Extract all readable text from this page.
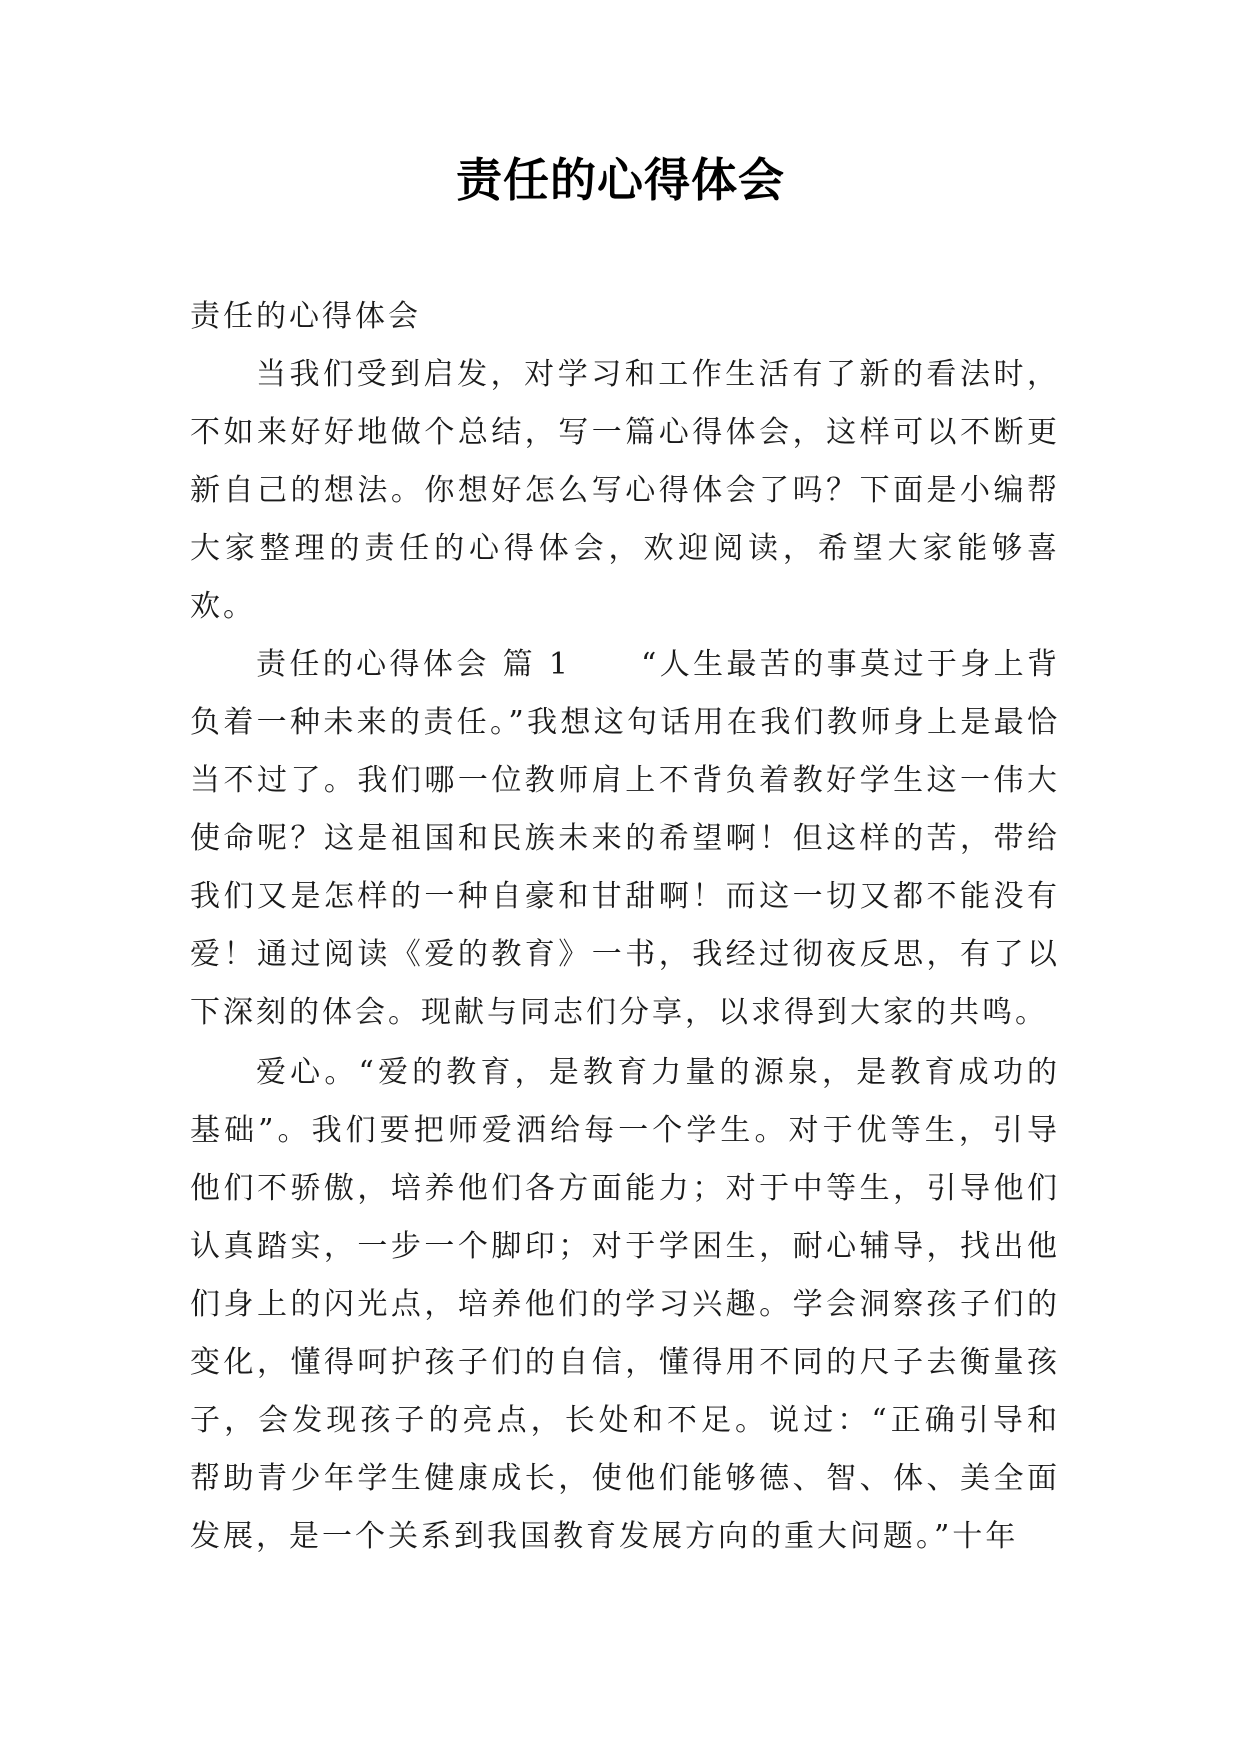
责任的心得体会

责任的心得体会

当我们受到启发，对学习和工作生活有了新的看法时，不如来好好地做个总结，写一篇心得体会，这样可以不断更新自己的想法。你想好怎么写心得体会了吗？下面是小编帮大家整理的责任的心得体会，欢迎阅读，希望大家能够喜欢。

责任的心得体会 篇 1 “人生最苦的事莫过于身上背负着一种未来的责任。”我想这句话用在我们教师身上是最恰当不过了。我们哪一位教师肩上不背负着教好学生这一伟大使命呢？这是祖国和民族未来的希望啊！但这样的苦，带给我们又是怎样的一种自豪和甘甜啊！而这一切又都不能没有爱！通过阅读《爱的教育》一书，我经过彻夜反思，有了以下深刻的体会。现献与同志们分享，以求得到大家的共鸣。

爱心。“爱的教育，是教育力量的源泉，是教育成功的基础”。我们要把师爱洒给每一个学生。对于优等生，引导他们不骄傲，培养他们各方面能力；对于中等生，引导他们认真踏实，一步一个脚印；对于学困生，耐心辅导，找出他们身上的闪光点，培养他们的学习兴趣。学会洞察孩子们的变化，懂得呵护孩子们的自信，懂得用不同的尺子去衡量孩子，会发现孩子的亮点，长处和不足。说过：“正确引导和帮助青少年学生健康成长，使他们能够德、智、体、美全面发展，是一个关系到我国教育发展方向的重大问题。”十年
